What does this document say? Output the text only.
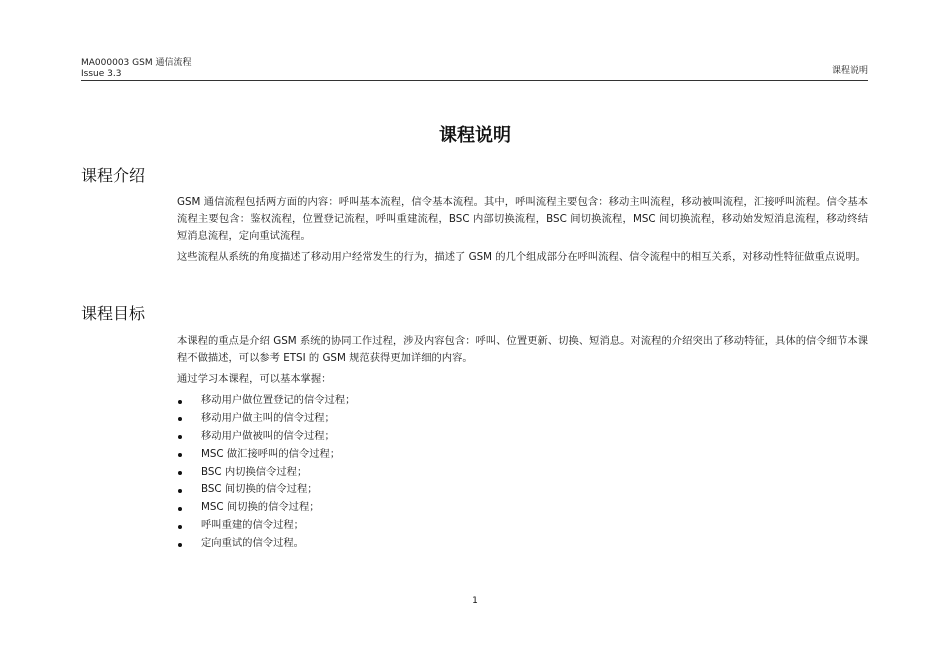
MA000003 GSM 通信流程
Issue 3.3	课程说明
课程说明
课程介绍

GSM 通信流程包括两方面的内容：呼叫基本流程，信令基本流程。其中，呼叫流程主要包含：移动主叫流程，移动被叫流程，汇接呼叫流程。信令基本流程主要包含：鉴权流程，位置登记流程，呼叫重建流程，BSC 内部切换流程，BSC 间切换流程，MSC 间切换流程，移动始发短消息流程，移动终结短消息流程，定向重试流程。

这些流程从系统的角度描述了移动用户经常发生的行为，描述了 GSM 的几个组成部分在呼叫流程、信令流程中的相互关系，对移动性特征做重点说明。

课程目标

本课程的重点是介绍 GSM 系统的协同工作过程，涉及内容包含：呼叫、位置更新、切换、短消息。对流程的介绍突出了移动特征，具体的信令细节本课程不做描述，可以参考 ETSI 的 GSM 规范获得更加详细的内容。

通过学习本课程，可以基本掌握：

移动用户做位置登记的信令过程；
移动用户做主叫的信令过程；
移动用户做被叫的信令过程；
MSC 做汇接呼叫的信令过程；
BSC 内切换信令过程；
BSC 间切换的信令过程；
MSC 间切换的信令过程；
呼叫重建的信令过程；
定向重试的信令过程。
1
